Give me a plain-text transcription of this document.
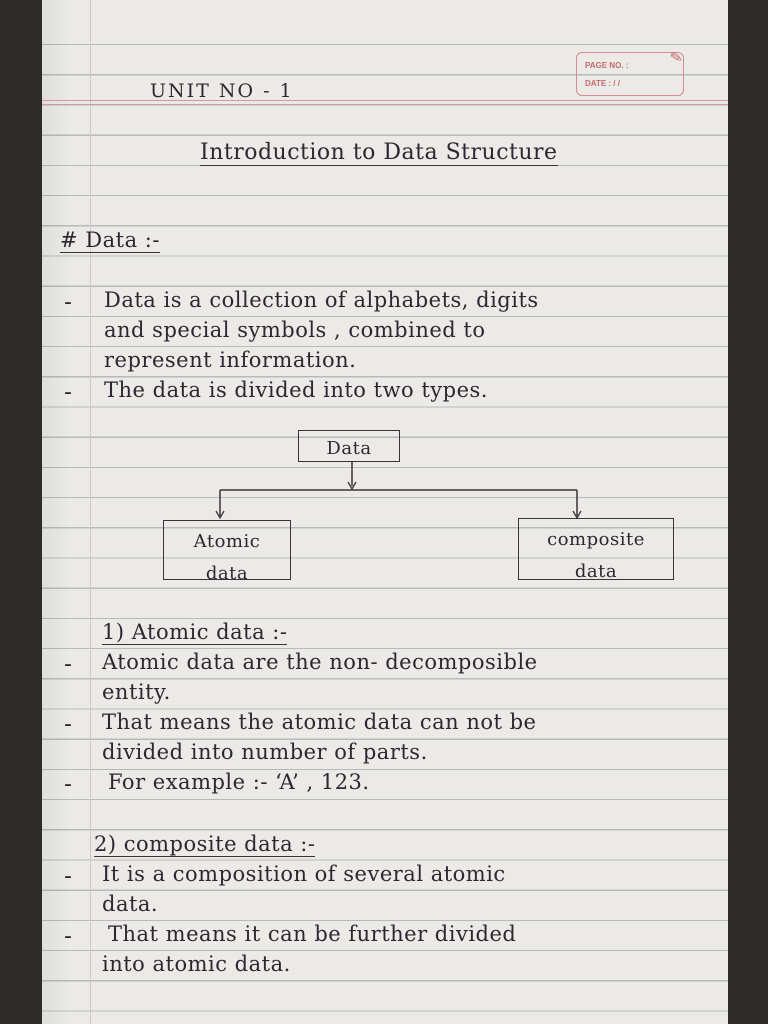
PAGE NO. :
DATE : / /
✎
UNIT NO - 1
Introduction to Data Structure
# Data :-
- Data is a collection of alphabets, digits
and special symbols , combined to
represent information.
- The data is divided into two types.
Data
Atomic
data
composite
data
1) Atomic data :-
- Atomic data are the non- decomposible
entity.
- That means the atomic data can not be
divided into number of parts.
- For example :- ‘A’ , 123.
2) composite data :-
- It is a composition of several atomic
data.
- That means it can be further divided
into atomic data.
